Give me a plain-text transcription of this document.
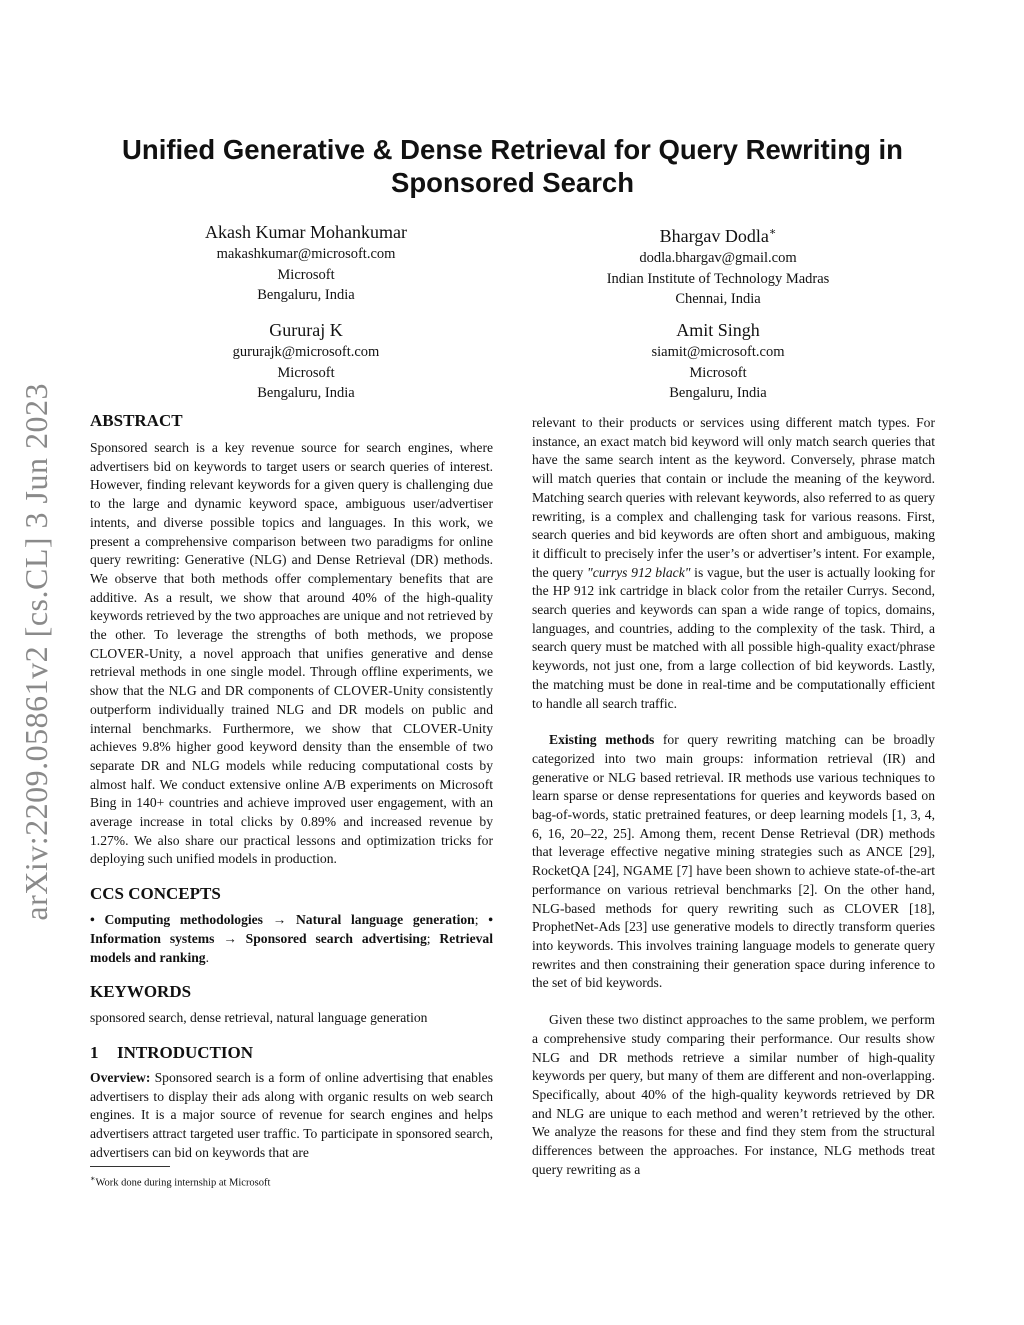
arXiv:2209.05861v2 [cs.CL] 3 Jun 2023
Unified Generative & Dense Retrieval for Query Rewriting in Sponsored Search
Akash Kumar Mohankumar
makashkumar@microsoft.com
Microsoft
Bengaluru, India
Bhargav Dodla∗
dodla.bhargav@gmail.com
Indian Institute of Technology Madras
Chennai, India
Gururaj K
gururajk@microsoft.com
Microsoft
Bengaluru, India
Amit Singh
siamit@microsoft.com
Microsoft
Bengaluru, India
ABSTRACT

Sponsored search is a key revenue source for search engines, where advertisers bid on keywords to target users or search queries of interest. However, finding relevant keywords for a given query is challenging due to the large and dynamic keyword space, ambiguous user/advertiser intents, and diverse possible topics and languages. In this work, we present a comprehensive comparison between two paradigms for online query rewriting: Generative (NLG) and Dense Retrieval (DR) methods. We observe that both methods offer complementary benefits that are additive. As a result, we show that around 40% of the high-quality keywords retrieved by the two approaches are unique and not retrieved by the other. To leverage the strengths of both methods, we propose CLOVER-Unity, a novel approach that unifies generative and dense retrieval methods in one single model. Through offline experiments, we show that the NLG and DR components of CLOVER-Unity consistently outperform individually trained NLG and DR models on public and internal benchmarks. Furthermore, we show that CLOVER-Unity achieves 9.8% higher good keyword density than the ensemble of two separate DR and NLG models while reducing computational costs by almost half. We conduct extensive online A/B experiments on Microsoft Bing in 140+ countries and achieve improved user engagement, with an average increase in total clicks by 0.89% and increased revenue by 1.27%. We also share our practical lessons and optimization tricks for deploying such unified models in production.

CCS CONCEPTS

• Computing methodologies → Natural language generation; • Information systems → Sponsored search advertising; Retrieval models and ranking.

KEYWORDS

sponsored search, dense retrieval, natural language generation

1 INTRODUCTION

Overview: Sponsored search is a form of online advertising that enables advertisers to display their ads along with organic results on web search engines. It is a major source of revenue for search engines and helps advertisers attract targeted user traffic. To participate in sponsored search, advertisers can bid on keywords that are

∗Work done during internship at Microsoft

relevant to their products or services using different match types. For instance, an exact match bid keyword will only match search queries that have the same search intent as the keyword. Conversely, phrase match will match queries that contain or include the meaning of the keyword. Matching search queries with relevant keywords, also referred to as query rewriting, is a complex and challenging task for various reasons. First, search queries and bid keywords are often short and ambiguous, making it difficult to precisely infer the user’s or advertiser’s intent. For example, the query "currys 912 black" is vague, but the user is actually looking for the HP 912 ink cartridge in black color from the retailer Currys. Second, search queries and keywords can span a wide range of topics, domains, languages, and countries, adding to the complexity of the task. Third, a search query must be matched with all possible high-quality exact/phrase keywords, not just one, from a large collection of bid keywords. Lastly, the matching must be done in real-time and be computationally efficient to handle all search traffic.

Existing methods for query rewriting matching can be broadly categorized into two main groups: information retrieval (IR) and generative or NLG based retrieval. IR methods use various techniques to learn sparse or dense representations for queries and keywords based on bag-of-words, static pretrained features, or deep learning models [1, 3, 4, 6, 16, 20–22, 25]. Among them, recent Dense Retrieval (DR) methods that leverage effective negative mining strategies such as ANCE [29], RocketQA [24], NGAME [7] have been shown to achieve state-of-the-art performance on various retrieval benchmarks [2]. On the other hand, NLG-based methods for query rewriting such as CLOVER [18], ProphetNet-Ads [23] use generative models to directly transform queries into keywords. This involves training language models to generate query rewrites and then constraining their generation space during inference to the set of bid keywords.

Given these two distinct approaches to the same problem, we perform a comprehensive study comparing their performance. Our results show NLG and DR methods retrieve a similar number of high-quality keywords per query, but many of them are different and non-overlapping. Specifically, about 40% of the high-quality keywords retrieved by DR and NLG are unique to each method and weren’t retrieved by the other. We analyze the reasons for these and find they stem from the structural differences between the approaches. For instance, NLG methods treat query rewriting as a
